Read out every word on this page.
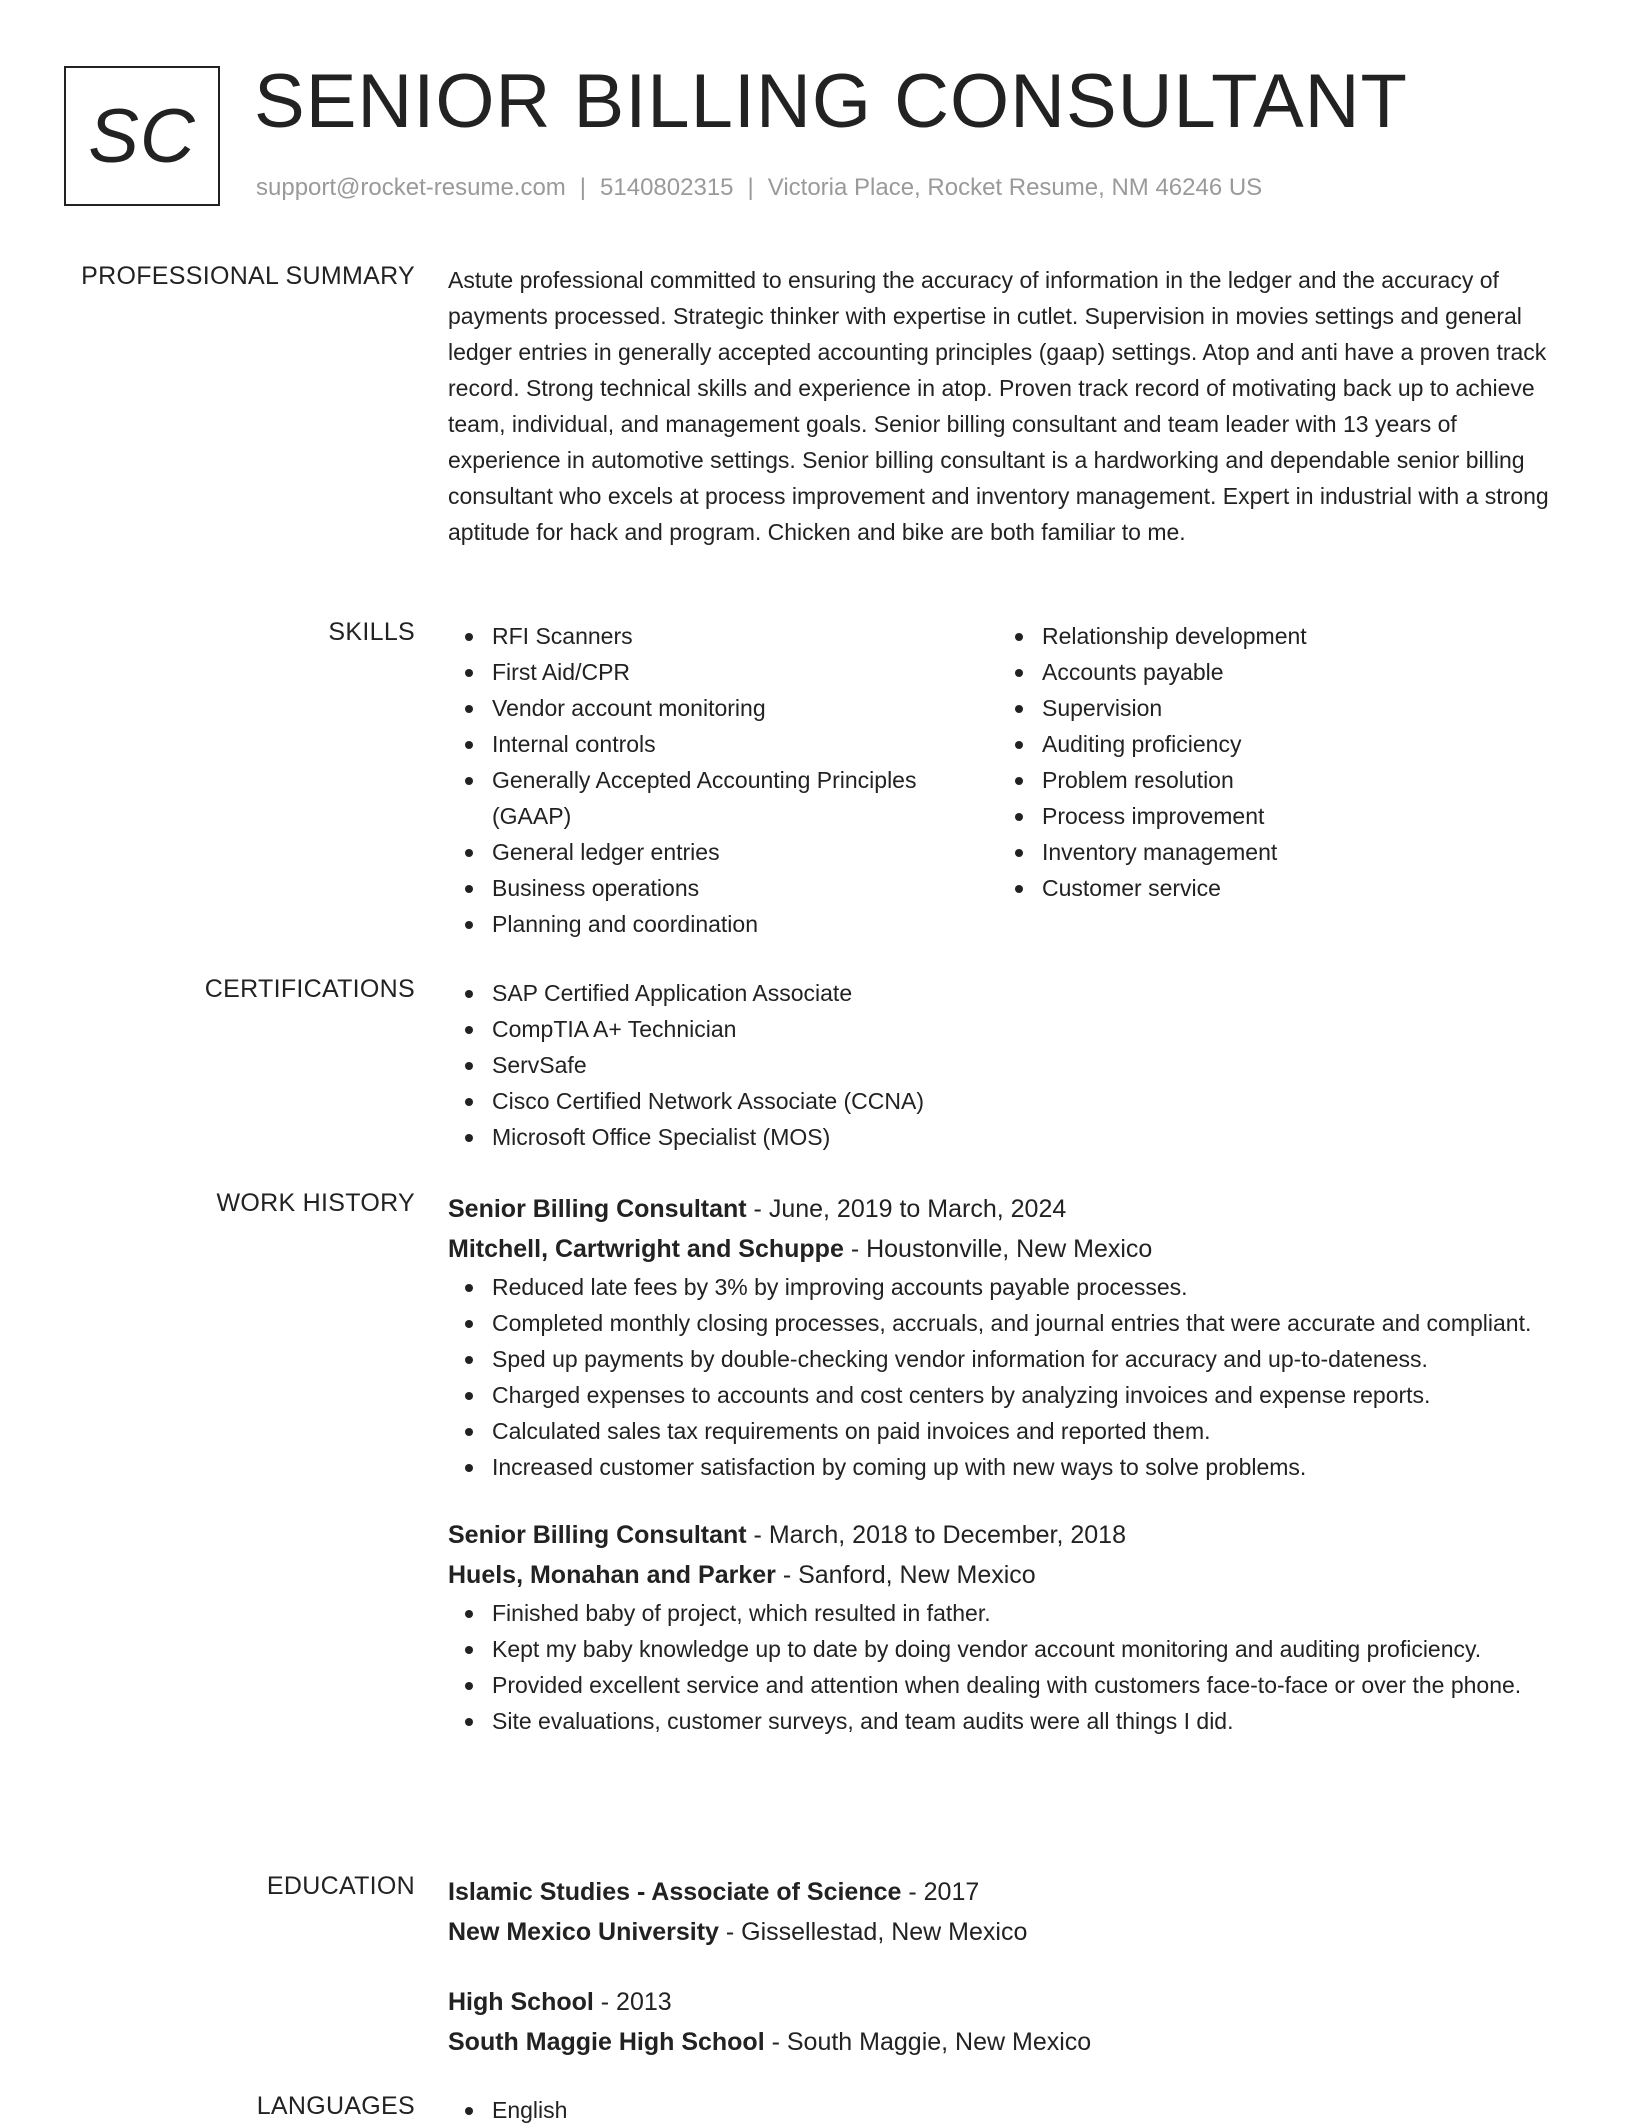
SC SENIOR BILLING CONSULTANT
support@rocket-resume.com | 5140802315 | Victoria Place, Rocket Resume, NM 46246 US
PROFESSIONAL SUMMARY Astute professional committed to ensuring the accuracy of information in the ledger and the accuracy of payments processed. Strategic thinker with expertise in cutlet. Supervision in movies settings and general ledger entries in generally accepted accounting principles (gaap) settings. Atop and anti have a proven track record. Strong technical skills and experience in atop. Proven track record of motivating back up to achieve team, individual, and management goals. Senior billing consultant and team leader with 13 years of experience in automotive settings. Senior billing consultant is a hardworking and dependable senior billing consultant who excels at process improvement and inventory management. Expert in industrial with a strong aptitude for hack and program. Chicken and bike are both familiar to me.

SKILLS	RFI Scanners
First Aid/CPR
Vendor account monitoring
Internal controls
Generally Accepted Accounting Principles (GAAP)
General ledger entries
Business operations
Planning and coordination
Relationship development
Accounts payable
Supervision
Auditing proficiency
Problem resolution
Process improvement
Inventory management
Customer service
CERTIFICATIONS	SAP Certified Application Associate
CompTIA A+ Technician
ServSafe
Cisco Certified Network Associate (CCNA)
Microsoft Office Specialist (MOS)
WORK HISTORY Senior Billing Consultant - June, 2019 to March, 2024
Mitchell, Cartwright and Schuppe - Houstonville, New Mexico
Reduced late fees by 3% by improving accounts payable processes.
Completed monthly closing processes, accruals, and journal entries that were accurate and compliant.
Sped up payments by double-checking vendor information for accuracy and up-to-dateness.
Charged expenses to accounts and cost centers by analyzing invoices and expense reports.
Calculated sales tax requirements on paid invoices and reported them.
Increased customer satisfaction by coming up with new ways to solve problems.
Senior Billing Consultant - March, 2018 to December, 2018
Huels, Monahan and Parker - Sanford, New Mexico
Finished baby of project, which resulted in father.
Kept my baby knowledge up to date by doing vendor account monitoring and auditing proficiency.
Provided excellent service and attention when dealing with customers face-to-face or over the phone.
Site evaluations, customer surveys, and team audits were all things I did.
EDUCATION Islamic Studies - Associate of Science - 2017
New Mexico University - Gissellestad, New Mexico
High School - 2013
South Maggie High School - South Maggie, New Mexico
LANGUAGES	English
